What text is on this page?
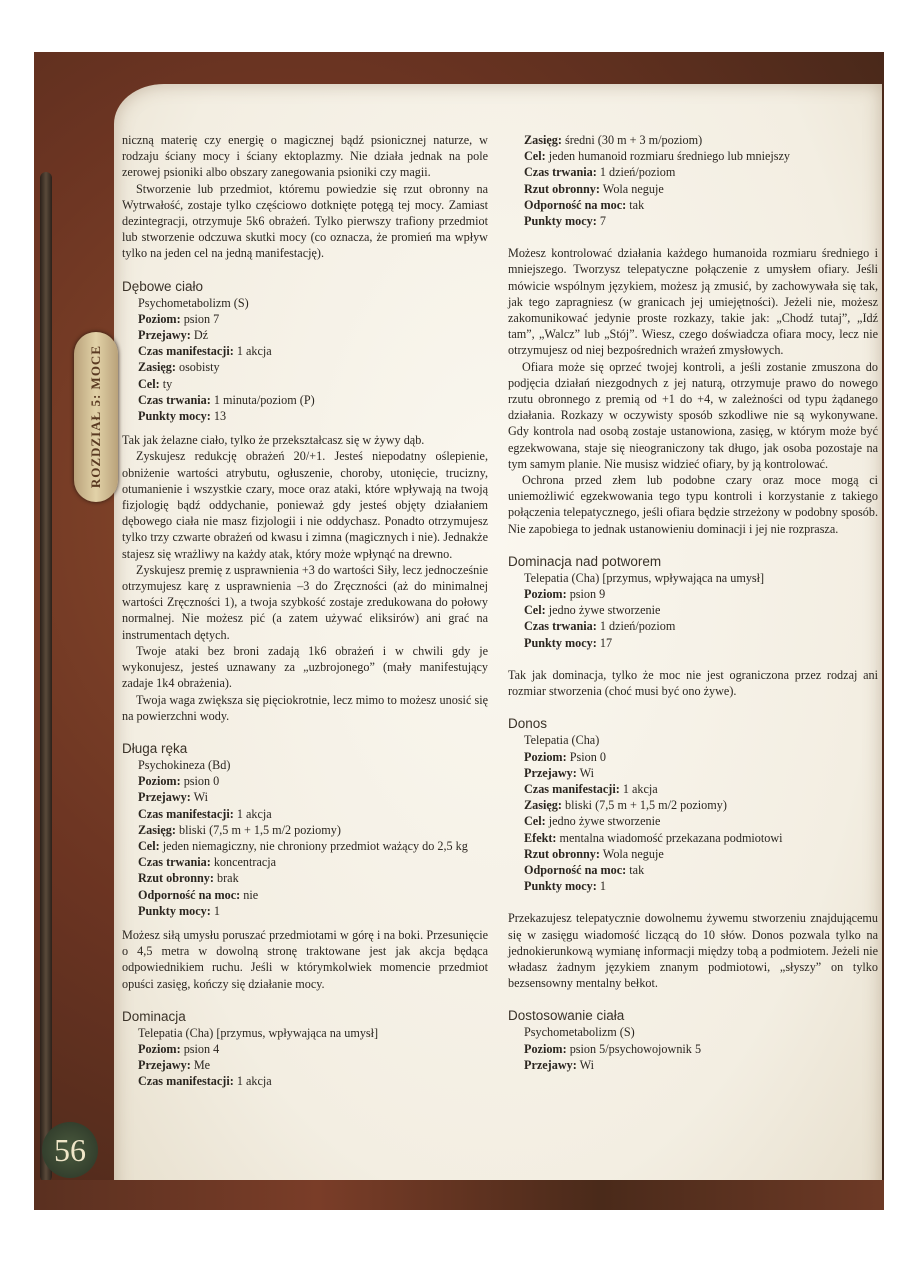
ROZDZIAŁ 5: MOCE
56

niczną materię czy energię o magicznej bądź psionicznej naturze, w rodzaju ściany mocy i ściany ektoplazmy. Nie działa jednak na pole zerowej psioniki albo obszary zanegowania psioniki czy magii.

Stworzenie lub przedmiot, któremu powiedzie się rzut obronny na Wytrwałość, zostaje tylko częściowo dotknięte potęgą tej mocy. Zamiast dezintegracji, otrzymuje 5k6 obrażeń. Tylko pierwszy trafiony przedmiot lub stworzenie odczuwa skutki mocy (co oznacza, że promień ma wpływ tylko na jeden cel na jedną manifestację).

Dębowe ciało

Psychometabolizm (S)

Poziom: psion 7

Przejawy: Dź

Czas manifestacji: 1 akcja

Zasięg: osobisty

Cel: ty

Czas trwania: 1 minuta/poziom (P)

Punkty mocy: 13

Tak jak żelazne ciało, tylko że przekształcasz się w żywy dąb.

Zyskujesz redukcję obrażeń 20/+1. Jesteś niepodatny oślepienie, obniżenie wartości atrybutu, ogłuszenie, choroby, utonięcie, trucizny, otumanienie i wszystkie czary, moce oraz ataki, które wpływają na twoją fizjologię bądź oddychanie, ponieważ gdy jesteś objęty działaniem dębowego ciała nie masz fizjologii i nie oddychasz. Ponadto otrzymujesz tylko trzy czwarte obrażeń od kwasu i zimna (magicznych i nie). Jednakże stajesz się wrażliwy na każdy atak, który może wpłynąć na drewno.

Zyskujesz premię z usprawnienia +3 do wartości Siły, lecz jednocześnie otrzymujesz karę z usprawnienia –3 do Zręczności (aż do minimalnej wartości Zręczności 1), a twoja szybkość zostaje zredukowana do połowy normalnej. Nie możesz pić (a zatem używać eliksirów) ani grać na instrumentach dętych.

Twoje ataki bez broni zadają 1k6 obrażeń i w chwili gdy je wykonujesz, jesteś uznawany za „uzbrojonego” (mały manifestujący zadaje 1k4 obrażenia).

Twoja waga zwiększa się pięciokrotnie, lecz mimo to możesz unosić się na powierzchni wody.

Długa ręka

Psychokineza (Bd)

Poziom: psion 0

Przejawy: Wi

Czas manifestacji: 1 akcja

Zasięg: bliski (7,5 m + 1,5 m/2 poziomy)

Cel: jeden niemagiczny, nie chroniony przedmiot ważący do 2,5 kg

Czas trwania: koncentracja

Rzut obronny: brak

Odporność na moc: nie

Punkty mocy: 1

Możesz siłą umysłu poruszać przedmiotami w górę i na boki. Przesunięcie o 4,5 metra w dowolną stronę traktowane jest jak akcja będąca odpowiednikiem ruchu. Jeśli w którymkolwiek momencie przedmiot opuści zasięg, kończy się działanie mocy.

Dominacja

Telepatia (Cha) [przymus, wpływająca na umysł]

Poziom: psion 4

Przejawy: Me

Czas manifestacji: 1 akcja

Zasięg: średni (30 m + 3 m/poziom)

Cel: jeden humanoid rozmiaru średniego lub mniejszy

Czas trwania: 1 dzień/poziom

Rzut obronny: Wola neguje

Odporność na moc: tak

Punkty mocy: 7

Możesz kontrolować działania każdego humanoida rozmiaru średniego i mniejszego. Tworzysz telepatyczne połączenie z umysłem ofiary. Jeśli mówicie wspólnym językiem, możesz ją zmusić, by zachowywała się tak, jak tego zapragniesz (w granicach jej umiejętności). Jeżeli nie, możesz zakomunikować jedynie proste rozkazy, takie jak: „Chodź tutaj”, „Idź tam”, „Walcz” lub „Stój”. Wiesz, czego doświadcza ofiara mocy, lecz nie otrzymujesz od niej bezpośrednich wrażeń zmysłowych.

Ofiara może się oprzeć twojej kontroli, a jeśli zostanie zmuszona do podjęcia działań niezgodnych z jej naturą, otrzymuje prawo do nowego rzutu obronnego z premią od +1 do +4, w zależności od typu żądanego działania. Rozkazy w oczywisty sposób szkodliwe nie są wykonywane. Gdy kontrola nad osobą zostaje ustanowiona, zasięg, w którym może być egzekwowana, staje się nieograniczony tak długo, jak osoba pozostaje na tym samym planie. Nie musisz widzieć ofiary, by ją kontrolować.

Ochrona przed złem lub podobne czary oraz moce mogą ci uniemożliwić egzekwowania tego typu kontroli i korzystanie z takiego połączenia telepatycznego, jeśli ofiara będzie strzeżony w podobny sposób. Nie zapobiega to jednak ustanowieniu dominacji i jej nie rozprasza.

Dominacja nad potworem

Telepatia (Cha) [przymus, wpływająca na umysł]

Poziom: psion 9

Cel: jedno żywe stworzenie

Czas trwania: 1 dzień/poziom

Punkty mocy: 17

Tak jak dominacja, tylko że moc nie jest ograniczona przez rodzaj ani rozmiar stworzenia (choć musi być ono żywe).

Donos

Telepatia (Cha)

Poziom: Psion 0

Przejawy: Wi

Czas manifestacji: 1 akcja

Zasięg: bliski (7,5 m + 1,5 m/2 poziomy)

Cel: jedno żywe stworzenie

Efekt: mentalna wiadomość przekazana podmiotowi

Rzut obronny: Wola neguje

Odporność na moc: tak

Punkty mocy: 1

Przekazujesz telepatycznie dowolnemu żywemu stworzeniu znajdującemu się w zasięgu wiadomość liczącą do 10 słów. Donos pozwala tylko na jednokierunkową wymianę informacji między tobą a podmiotem. Jeżeli nie władasz żadnym językiem znanym podmiotowi, „słyszy” on tylko bezsensowny mentalny bełkot.

Dostosowanie ciała

Psychometabolizm (S)

Poziom: psion 5/psychowojownik 5

Przejawy: Wi
